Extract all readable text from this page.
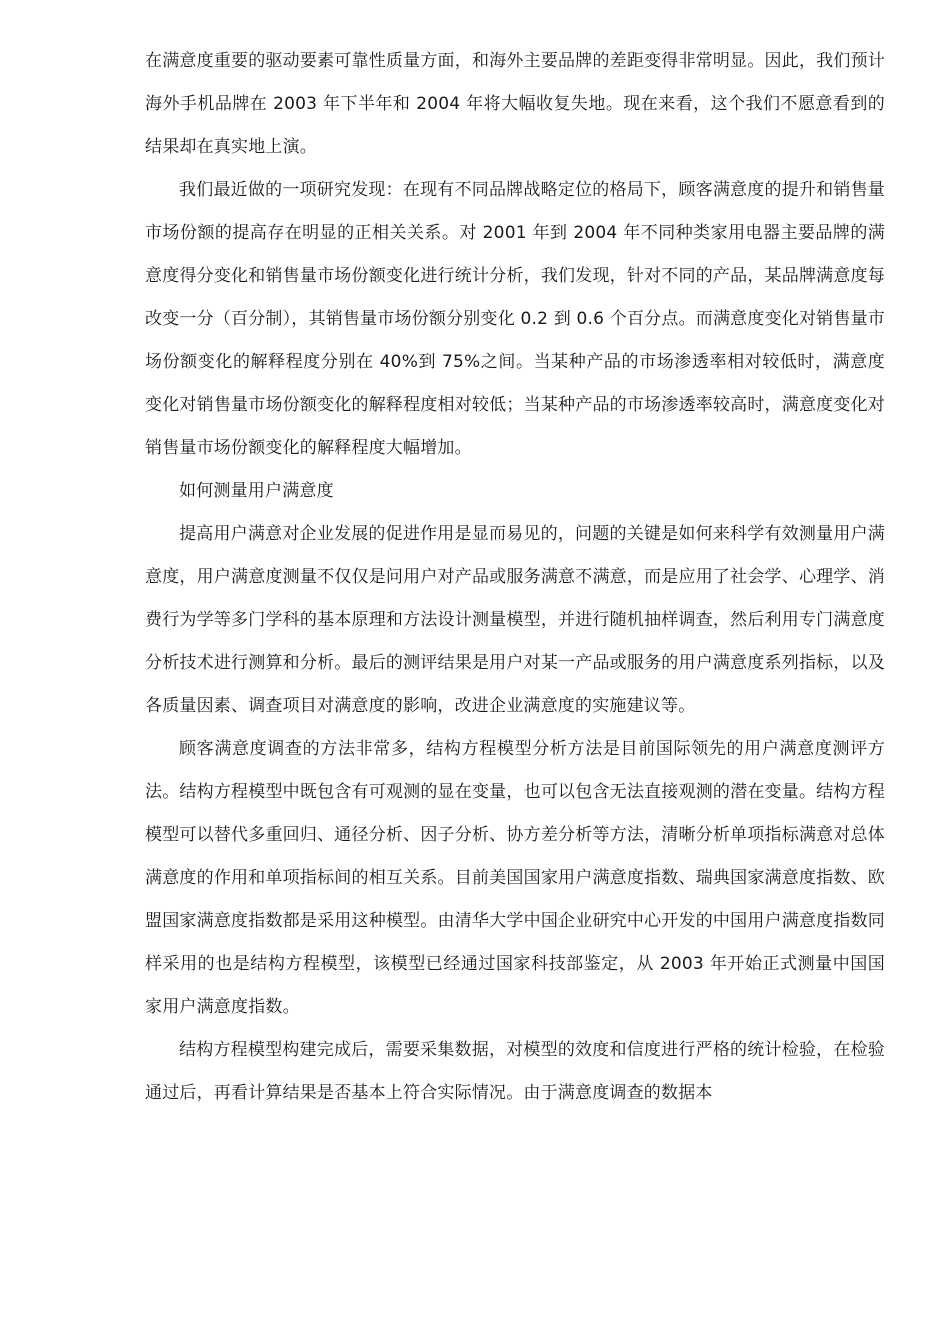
在满意度重要的驱动要素可靠性质量方面，和海外主要品牌的差距变得非常明显。因此，我们预计海外手机品牌在 2003 年下半年和 2004 年将大幅收复失地。现在来看，这个我们不愿意看到的结果却在真实地上演。

我们最近做的一项研究发现：在现有不同品牌战略定位的格局下，顾客满意度的提升和销售量市场份额的提高存在明显的正相关关系。对 2001 年到 2004 年不同种类家用电器主要品牌的满意度得分变化和销售量市场份额变化进行统计分析，我们发现，针对不同的产品，某品牌满意度每改变一分（百分制），其销售量市场份额分别变化 0.2 到 0.6 个百分点。而满意度变化对销售量市场份额变化的解释程度分别在 40%到 75%之间。当某种产品的市场渗透率相对较低时，满意度变化对销售量市场份额变化的解释程度相对较低；当某种产品的市场渗透率较高时，满意度变化对销售量市场份额变化的解释程度大幅增加。

如何测量用户满意度

提高用户满意对企业发展的促进作用是显而易见的，问题的关键是如何来科学有效测量用户满意度，用户满意度测量不仅仅是问用户对产品或服务满意不满意，而是应用了社会学、心理学、消费行为学等多门学科的基本原理和方法设计测量模型，并进行随机抽样调查，然后利用专门满意度分析技术进行测算和分析。最后的测评结果是用户对某一产品或服务的用户满意度系列指标，以及各质量因素、调查项目对满意度的影响，改进企业满意度的实施建议等。

顾客满意度调查的方法非常多，结构方程模型分析方法是目前国际领先的用户满意度测评方法。结构方程模型中既包含有可观测的显在变量，也可以包含无法直接观测的潜在变量。结构方程模型可以替代多重回归、通径分析、因子分析、协方差分析等方法，清晰分析单项指标满意对总体满意度的作用和单项指标间的相互关系。目前美国国家用户满意度指数、瑞典国家满意度指数、欧盟国家满意度指数都是采用这种模型。由清华大学中国企业研究中心开发的中国用户满意度指数同样采用的也是结构方程模型，该模型已经通过国家科技部鉴定，从 2003 年开始正式测量中国国家用户满意度指数。

结构方程模型构建完成后，需要采集数据，对模型的效度和信度进行严格的统计检验，在检验通过后，再看计算结果是否基本上符合实际情况。由于满意度调查的数据本
